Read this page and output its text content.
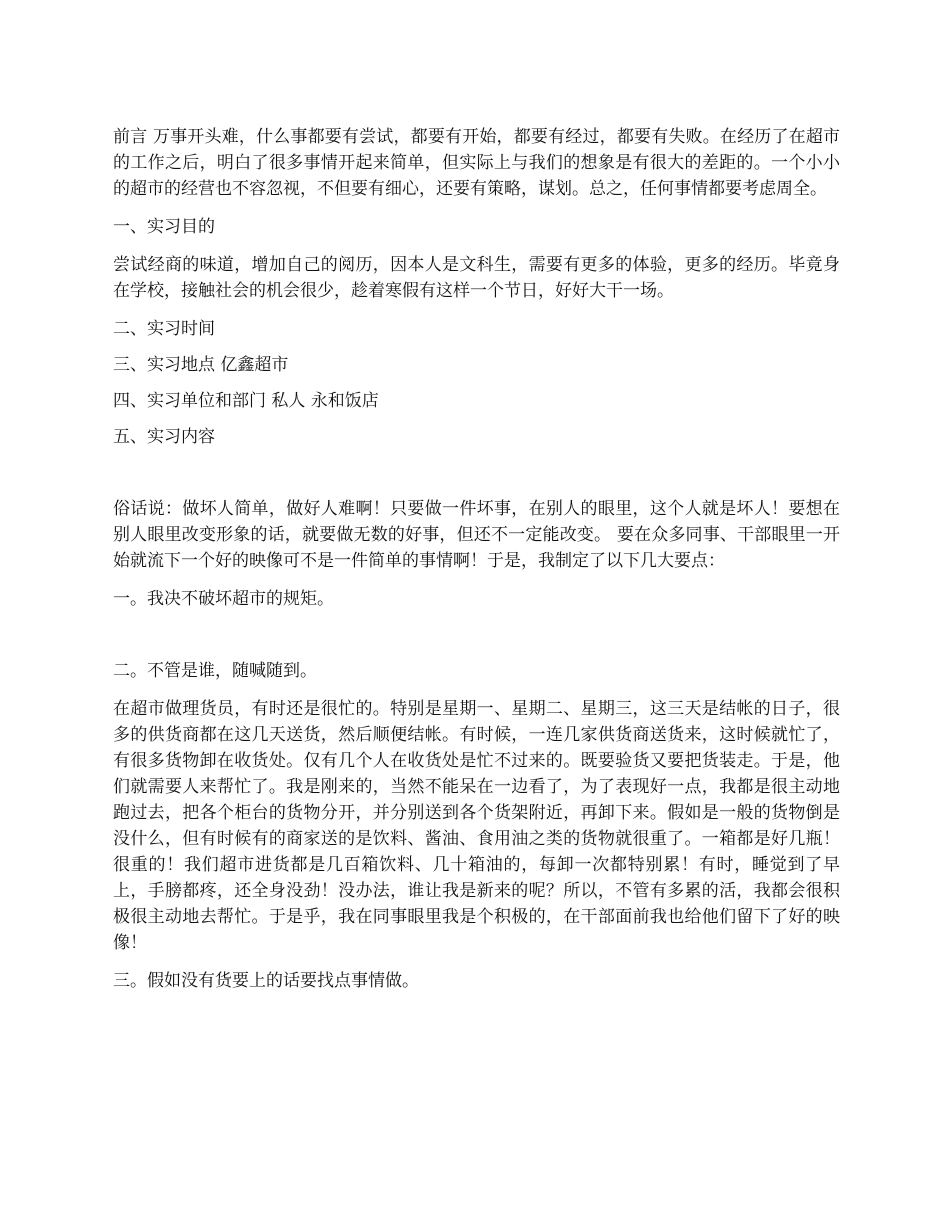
前言 万事开头难，什么事都要有尝试，都要有开始，都要有经过，都要有失败。在经历了在超市的工作之后，明白了很多事情开起来简单，但实际上与我们的想象是有很大的差距的。一个小小的超市的经营也不容忽视，不但要有细心，还要有策略，谋划。总之，任何事情都要考虑周全。

一、实习目的

尝试经商的味道，增加自己的阅历，因本人是文科生，需要有更多的体验，更多的经历。毕竟身在学校，接触社会的机会很少，趁着寒假有这样一个节日，好好大干一场。

二、实习时间

三、实习地点 亿鑫超市

四、实习单位和部门 私人 永和饭店

五、实习内容

俗话说：做坏人简单，做好人难啊！只要做一件坏事，在别人的眼里，这个人就是坏人！要想在别人眼里改变形象的话，就要做无数的好事，但还不一定能改变。 要在众多同事、干部眼里一开始就流下一个好的映像可不是一件简单的事情啊！于是，我制定了以下几大要点：

一。我决不破坏超市的规矩。

二。不管是谁，随喊随到。

在超市做理货员，有时还是很忙的。特别是星期一、星期二、星期三，这三天是结帐的日子，很多的供货商都在这几天送货，然后顺便结帐。有时候，一连几家供货商送货来，这时候就忙了，有很多货物卸在收货处。仅有几个人在收货处是忙不过来的。既要验货又要把货装走。于是，他们就需要人来帮忙了。我是刚来的，当然不能呆在一边看了，为了表现好一点，我都是很主动地跑过去，把各个柜台的货物分开，并分别送到各个货架附近，再卸下来。假如是一般的货物倒是没什么，但有时候有的商家送的是饮料、酱油、食用油之类的货物就很重了。一箱都是好几瓶！很重的！我们超市进货都是几百箱饮料、几十箱油的，每卸一次都特别累！有时，睡觉到了早上，手膀都疼，还全身没劲！没办法，谁让我是新来的呢？所以，不管有多累的活，我都会很积极很主动地去帮忙。于是乎，我在同事眼里我是个积极的，在干部面前我也给他们留下了好的映像！

三。假如没有货要上的话要找点事情做。
